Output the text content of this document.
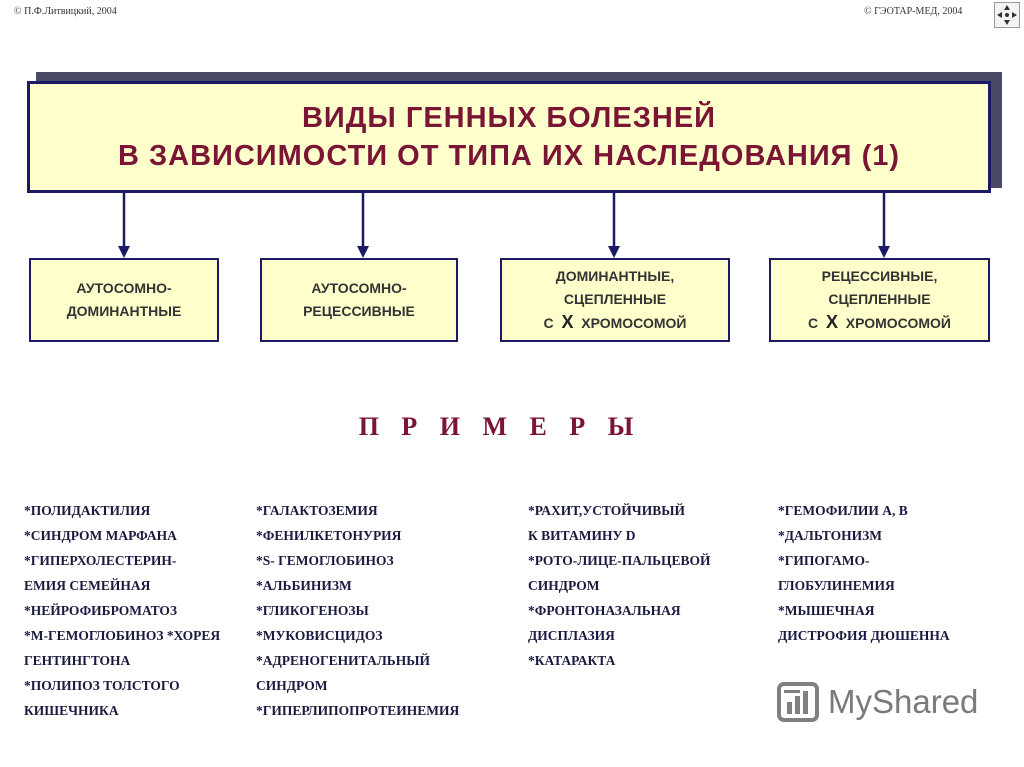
© П.Ф.Литвицкий, 2004	© ГЭОТАР-МЕД, 2004
ВИДЫ ГЕННЫХ БОЛЕЗНЕЙ
В ЗАВИСИМОСТИ ОТ ТИПА ИХ НАСЛЕДОВАНИЯ (1)
АУТОСОМНО-
ДОМИНАНТНЫЕ
АУТОСОМНО-
РЕЦЕССИВНЫЕ
ДОМИНАНТНЫЕ,
СЦЕПЛЕННЫЕ
С X ХРОМОСОМОЙ
РЕЦЕССИВНЫЕ,
СЦЕПЛЕННЫЕ
С X ХРОМОСОМОЙ
П Р И М Е Р Ы
*ПОЛИДАКТИЛИЯ
*СИНДРОМ МАРФАНА
*ГИПЕРХОЛЕСТЕРИН-
ЕМИЯ СЕМЕЙНАЯ
*НЕЙРОФИБРОМАТОЗ
*М-ГЕМОГЛОБИНОЗ *ХОРЕЯ
ГЕНТИНГТОНА
*ПОЛИПОЗ ТОЛСТОГО
КИШЕЧНИКА
*ГАЛАКТОЗЕМИЯ
*ФЕНИЛКЕТОНУРИЯ
*S- ГЕМОГЛОБИНОЗ
*АЛЬБИНИЗМ
*ГЛИКОГЕНОЗЫ
*МУКОВИСЦИДОЗ
*АДРЕНОГЕНИТАЛЬНЫЙ
СИНДРОМ
*ГИПЕРЛИПОПРОТЕИНЕМИЯ
*РАХИТ,УСТОЙЧИВЫЙ
К ВИТАМИНУ D
*РОТО-ЛИЦЕ-ПАЛЬЦЕВОЙ
СИНДРОМ
*ФРОНТОНАЗАЛЬНАЯ
ДИСПЛАЗИЯ
*КАТАРАКТА
*ГЕМОФИЛИИ А, В
*ДАЛЬТОНИЗМ
*ГИПОГАМО-
ГЛОБУЛИНЕМИЯ
*МЫШЕЧНАЯ
ДИСТРОФИЯ ДЮШЕННА
MyShared
